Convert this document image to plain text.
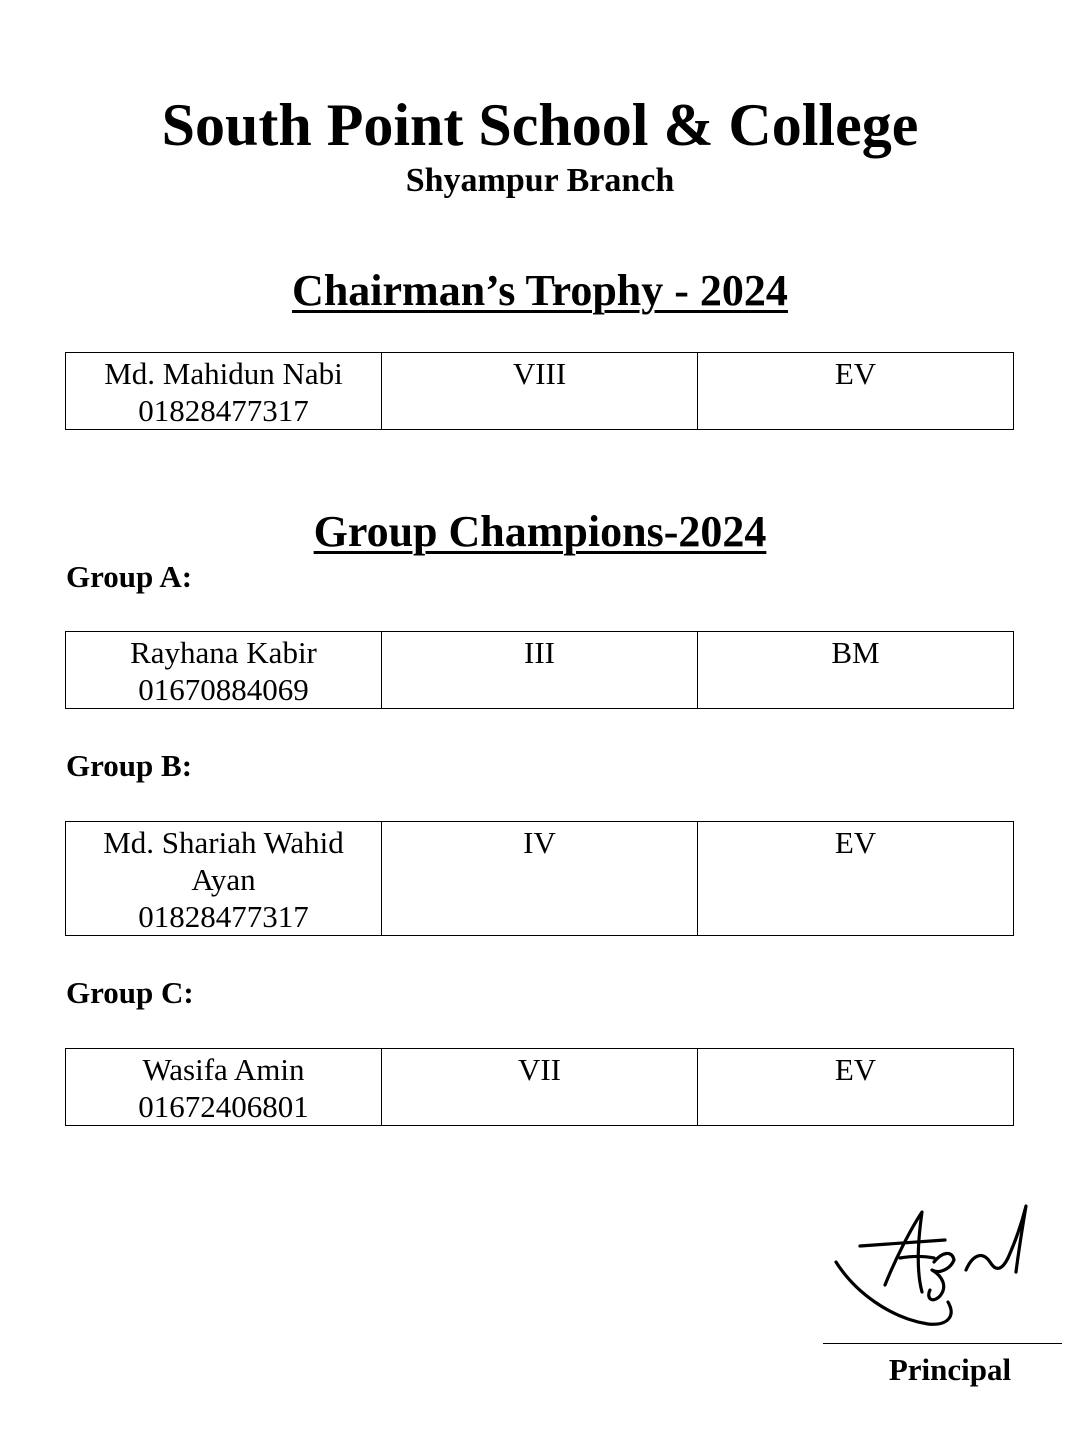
South Point School & College
Shyampur Branch
Chairman’s Trophy - 2024
Md. Mahidun Nabi
01828477317
	VIII	EV
Group Champions-2024
Group A:
Rayhana Kabir
01670884069
	III	BM
Group B:
Md. Shariah Wahid
Ayan
01828477317
	IV	EV
Group C:
Wasifa Amin
01672406801
	VII	EV
Principal
